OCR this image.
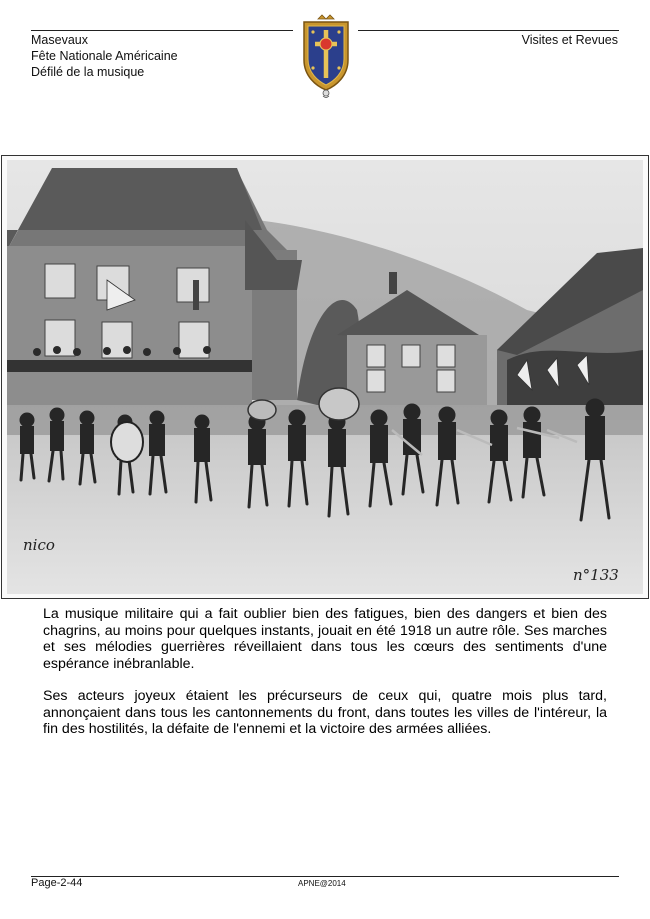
Masevaux
Fête Nationale Américaine
Défilé de la musique
Visites et Revues
nico
n°133

La musique militaire qui a fait oublier bien des fatigues, bien des dangers et bien des chagrins, au moins pour quelques instants, jouait en été 1918 un autre rôle. Ses marches et ses mélodies guerrières réveillaient dans tous les cœurs des sentiments d'une espérance inébranlable.

Ses acteurs joyeux étaient les précurseurs de ceux qui, quatre mois plus tard, annonçaient dans tous les cantonnements du front, dans toutes les villes de l'intéreur, la fin des hostilités, la défaite de l'ennemi et la victoire des armées alliées.

Page-2-44	APNE@2014
